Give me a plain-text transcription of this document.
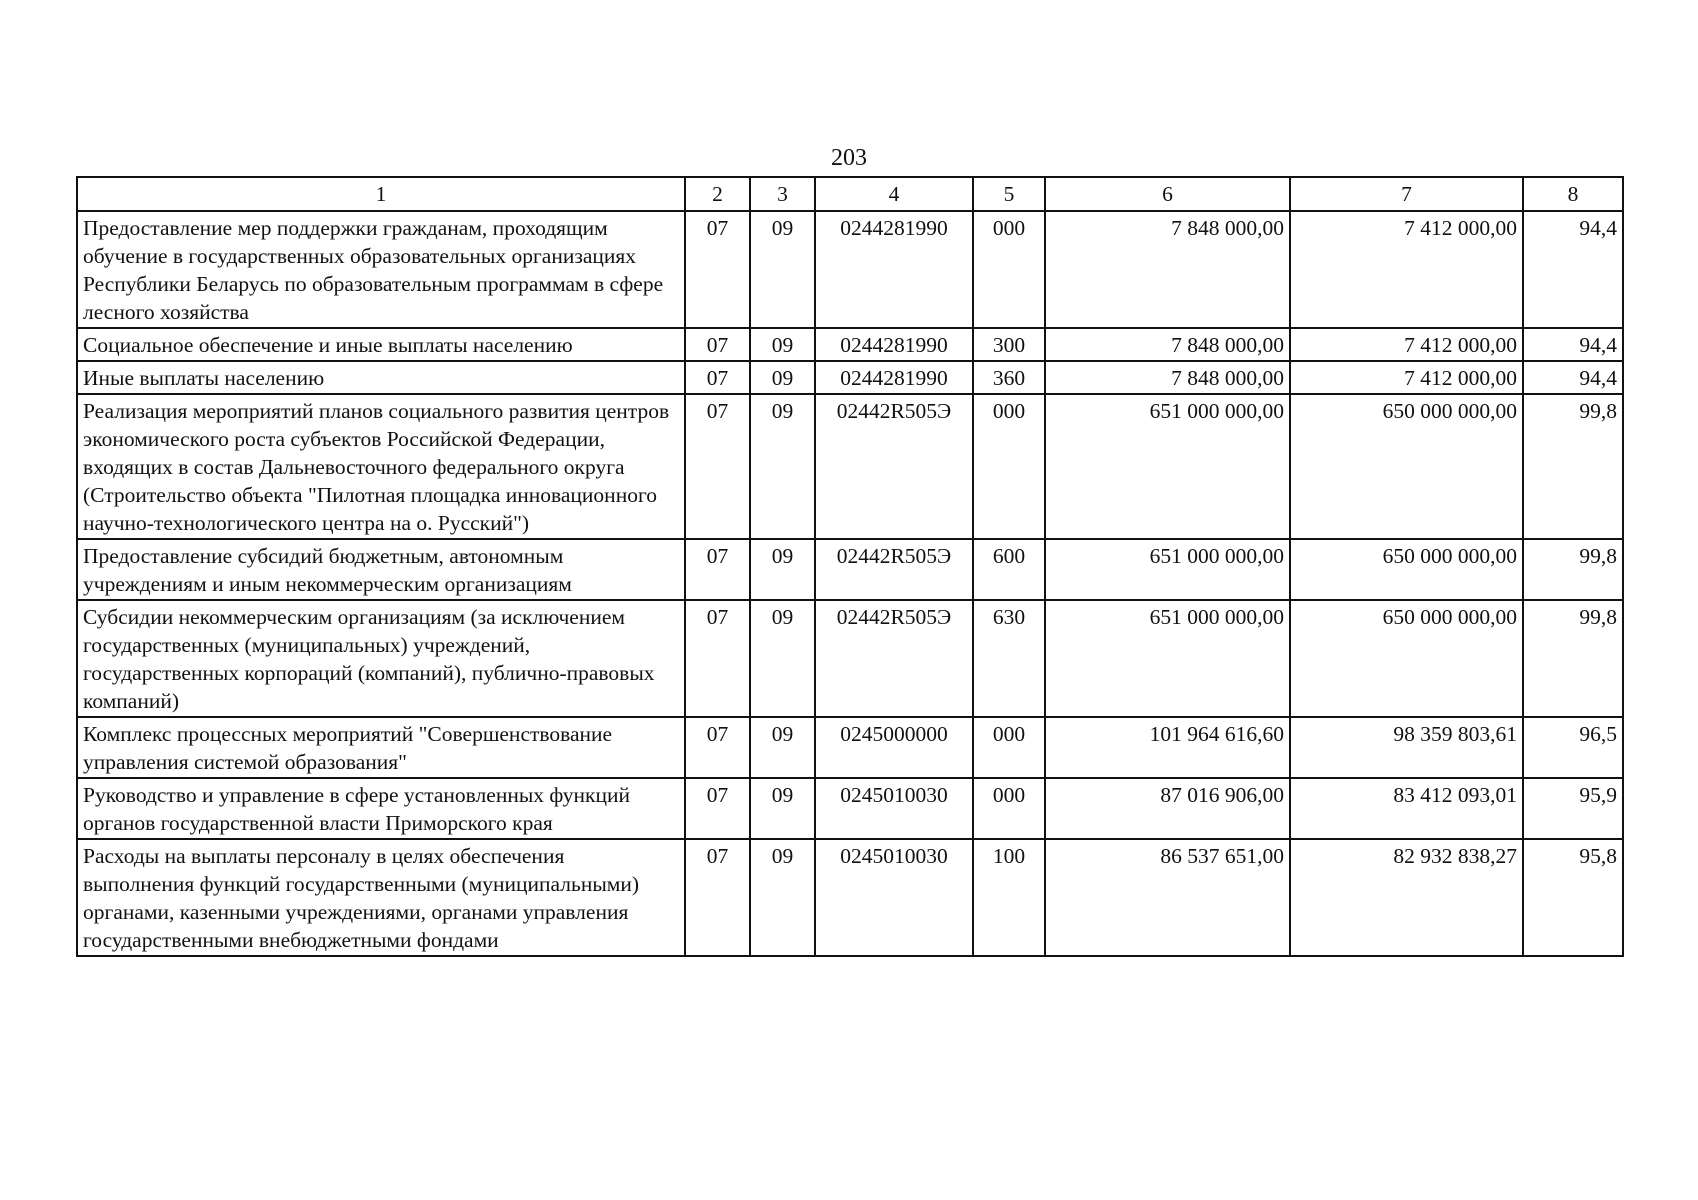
203
1	2	3	4	5	6	7	8
Предоставление мер поддержки гражданам, проходящим обучение в государственных образовательных организациях Республики Беларусь по образовательным программам в сфере лесного хозяйства	07	09	0244281990	000	7 848 000,00	7 412 000,00	94,4
Социальное обеспечение и иные выплаты населению	07	09	0244281990	300	7 848 000,00	7 412 000,00	94,4
Иные выплаты населению	07	09	0244281990	360	7 848 000,00	7 412 000,00	94,4
Реализация мероприятий планов социального развития центров экономического роста субъектов Российской Федерации, входящих в состав Дальневосточного федерального округа (Строительство объекта "Пилотная площадка инновационного научно-технологического центра на о. Русский")	07	09	02442R505Э	000	651 000 000,00	650 000 000,00	99,8
Предоставление субсидий бюджетным, автономным учреждениям и иным некоммерческим организациям	07	09	02442R505Э	600	651 000 000,00	650 000 000,00	99,8
Субсидии некоммерческим организациям (за исключением государственных (муниципальных) учреждений, государственных корпораций (компаний), публично-правовых компаний)	07	09	02442R505Э	630	651 000 000,00	650 000 000,00	99,8
Комплекс процессных мероприятий "Совершенствование управления системой образования"	07	09	0245000000	000	101 964 616,60	98 359 803,61	96,5
Руководство и управление в сфере установленных функций органов государственной власти Приморского края	07	09	0245010030	000	87 016 906,00	83 412 093,01	95,9
Расходы на выплаты персоналу в целях обеспечения выполнения функций государственными (муниципальными) органами, казенными учреждениями, органами управления государственными внебюджетными фондами	07	09	0245010030	100	86 537 651,00	82 932 838,27	95,8
